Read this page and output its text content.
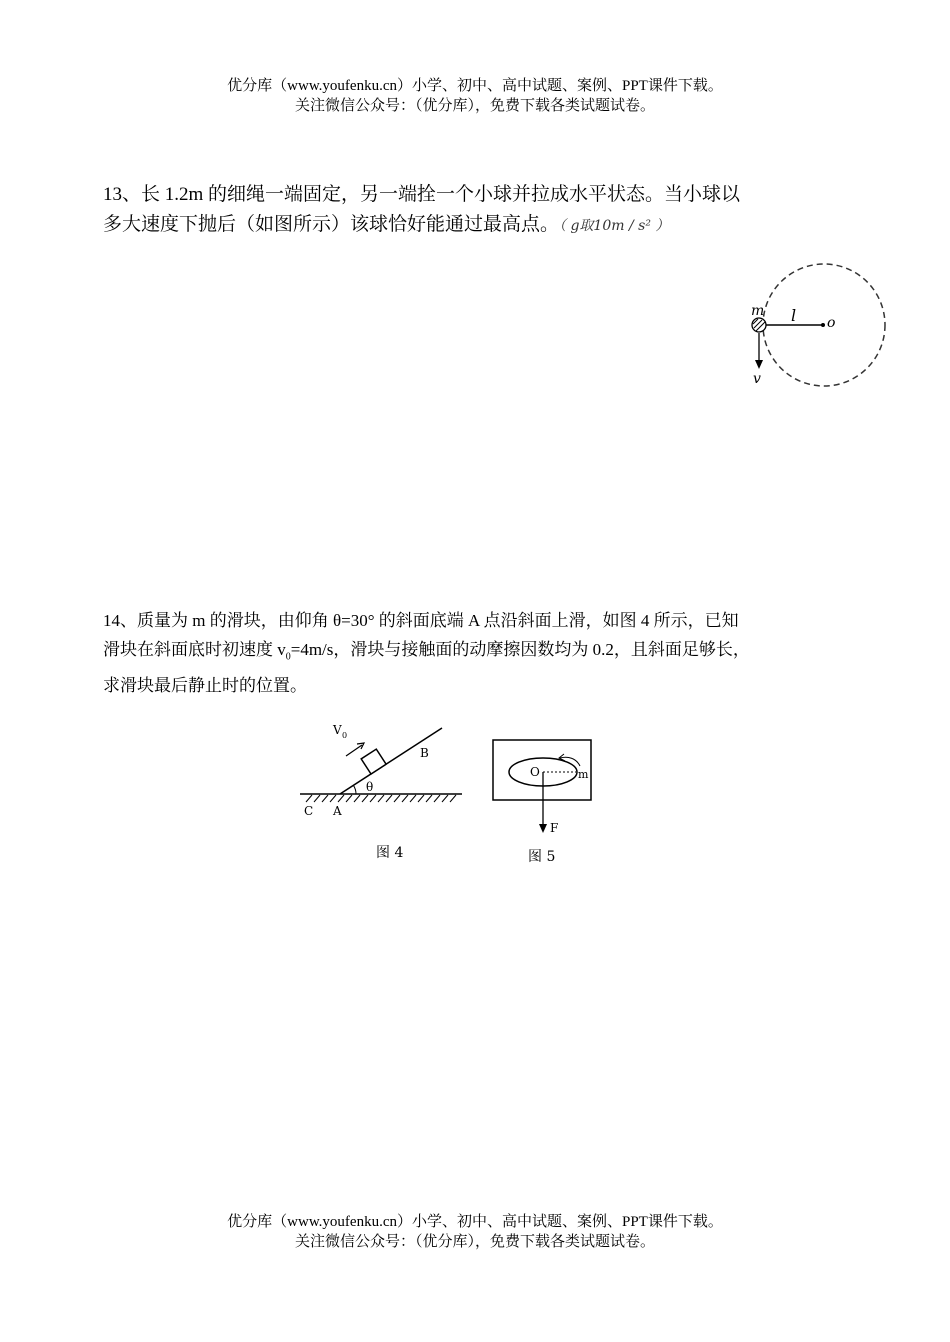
优分库（www.youfenku.cn）小学、初中、高中试题、案例、PPT课件下载。
关注微信公众号：（优分库），免费下载各类试题试卷。
13、长 1.2m 的细绳一端固定，另一端拴一个小球并拉成水平状态。当小球以
多大速度下抛后（如图所示）该球恰好能通过最高点。（ g取10m / s² ）
m l o
v
14、质量为 m 的滑块，由仰角 θ=30° 的斜面底端 A 点沿斜面上滑，如图 4 所示，已知
滑块在斜面底时初速度 $v_0=4m/s$，滑块与接触面的动摩擦因数均为 0.2，且斜面足够长，
求滑块最后静止时的位置。
V 0
B
θ
C A
图 4
O	m
F
图 5
优分库（www.youfenku.cn）小学、初中、高中试题、案例、PPT课件下载。
关注微信公众号：（优分库），免费下载各类试题试卷。
